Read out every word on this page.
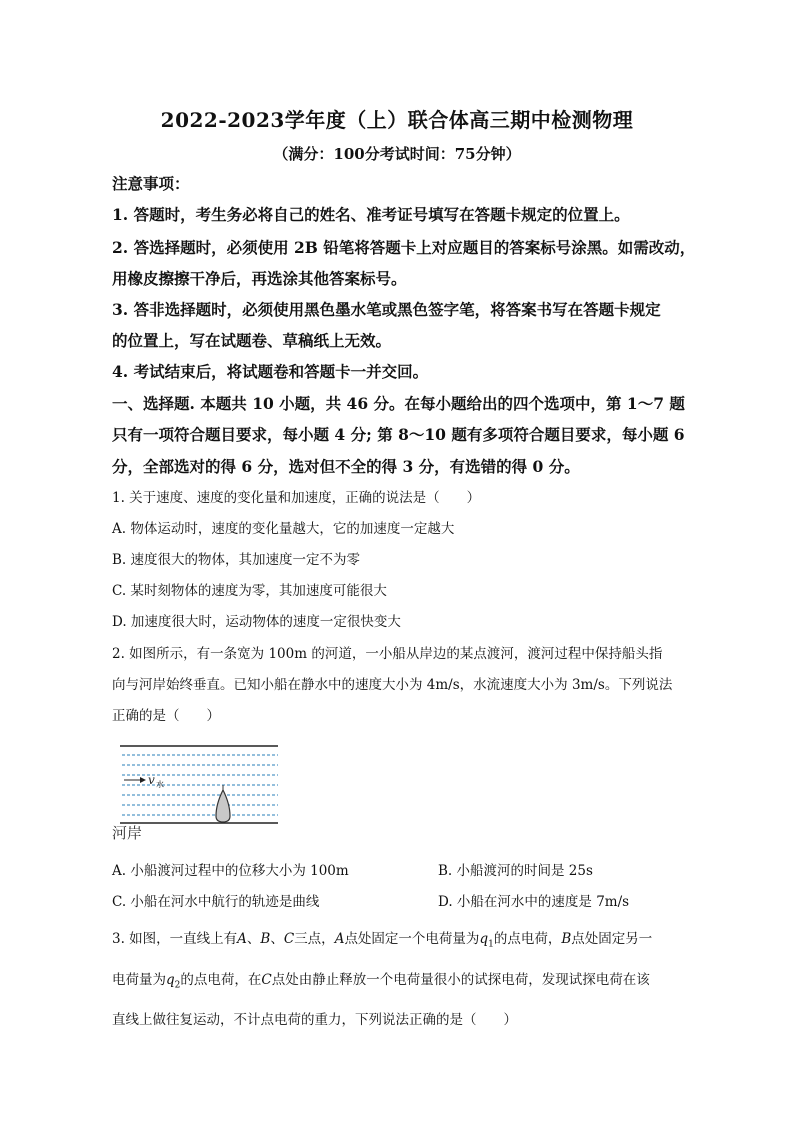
2022-2023学年度（上）联合体高三期中检测物理
（满分：100分考试时间：75分钟）
注意事项：
1. 答题时，考生务必将自己的姓名、准考证号填写在答题卡规定的位置上。
2. 答选择题时，必须使用 2B 铅笔将答题卡上对应题目的答案标号涂黑。如需改动，
用橡皮擦擦干净后，再选涂其他答案标号。
3. 答非选择题时，必须使用黑色墨水笔或黑色签字笔，将答案书写在答题卡规定
的位置上，写在试题卷、草稿纸上无效。
4. 考试结束后，将试题卷和答题卡一并交回。
一、选择题. 本题共 10 小题，共 46 分。在每小题给出的四个选项中，第 1～7 题
只有一项符合题目要求，每小题 4 分; 第 8～10 题有多项符合题目要求，每小题 6
分，全部选对的得 6 分，选对但不全的得 3 分，有选错的得 0 分。
1. 关于速度、速度的变化量和加速度，正确的说法是（　　）
A. 物体运动时，速度的变化量越大，它的加速度一定越大
B. 速度很大的物体，其加速度一定不为零
C. 某时刻物体的速度为零，其加速度可能很大
D. 加速度很大时，运动物体的速度一定很快变大
2. 如图所示，有一条宽为 100m 的河道，一小船从岸边的某点渡河，渡河过程中保持船头指
向与河岸始终垂直。已知小船在静水中的速度大小为 4m/s，水流速度大小为 3m/s。下列说法
正确的是（　　）
v 水
河岸
A. 小船渡河过程中的位移大小为 100m	B. 小船渡河的时间是 25s
C. 小船在河水中航行的轨迹是曲线	D. 小船在河水中的速度是 7m/s
3. 如图，一直线上有A、B、C三点，A点处固定一个电荷量为$q_1$的点电荷，B点处固定另一
电荷量为$q_2$的点电荷，在C点处由静止释放一个电荷量很小的试探电荷，发现试探电荷在该
直线上做往复运动，不计点电荷的重力，下列说法正确的是（　　）
